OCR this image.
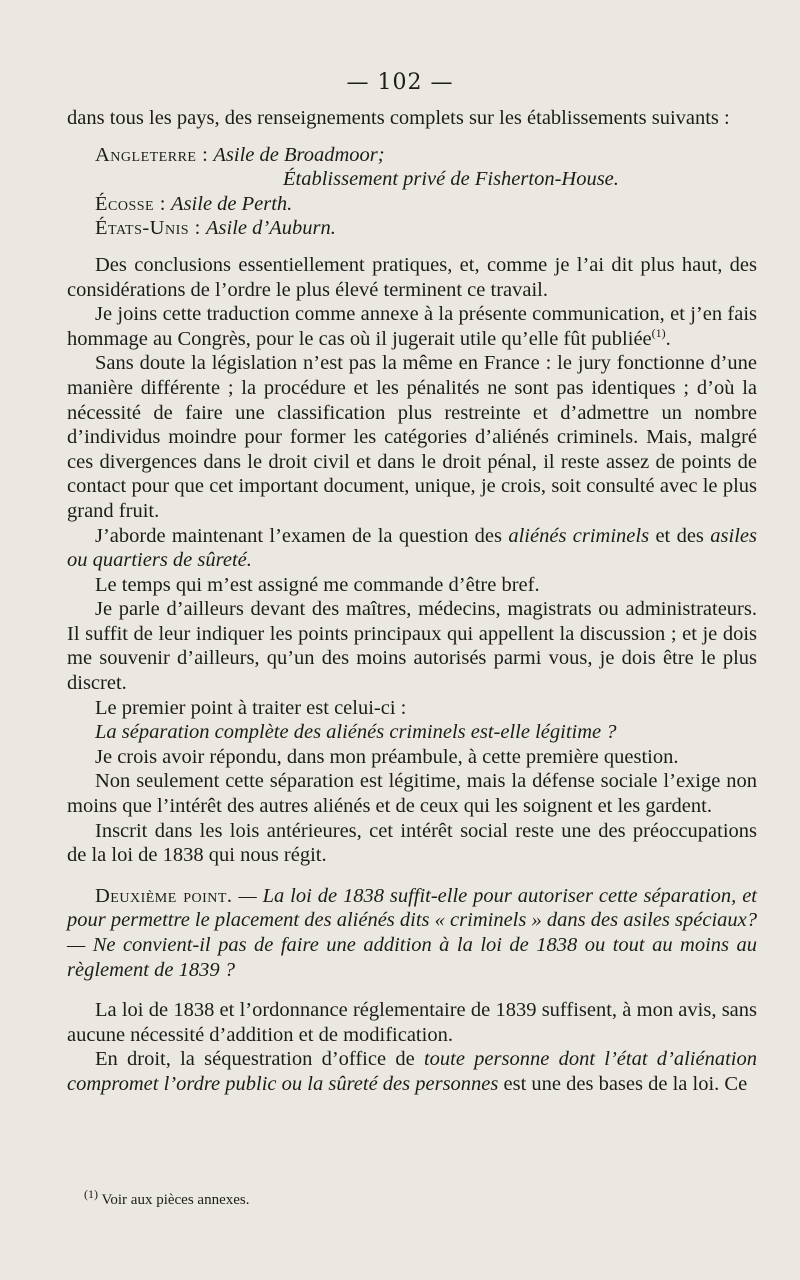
— 102 —

dans tous les pays, des renseignements complets sur les établissements suivants :

Angleterre : Asile de Broadmoor;
Établissement privé de Fisherton-House.
Écosse : Asile de Perth.
États-Unis : Asile d’Auburn.

Des conclusions essentiellement pratiques, et, comme je l’ai dit plus haut, des considérations de l’ordre le plus élevé terminent ce travail.

Je joins cette traduction comme annexe à la présente communication, et j’en fais hommage au Congrès, pour le cas où il jugerait utile qu’elle fût publiée$^{(1)}$.

Sans doute la législation n’est pas la même en France : le jury fonctionne d’une manière différente ; la procédure et les pénalités ne sont pas identiques ; d’où la nécessité de faire une classification plus restreinte et d’admettre un nombre d’individus moindre pour former les catégories d’aliénés criminels. Mais, malgré ces divergences dans le droit civil et dans le droit pénal, il reste assez de points de contact pour que cet important document, unique, je crois, soit consulté avec le plus grand fruit.

J’aborde maintenant l’examen de la question des aliénés criminels et des asiles ou quartiers de sûreté.

Le temps qui m’est assigné me commande d’être bref.

Je parle d’ailleurs devant des maîtres, médecins, magistrats ou administrateurs. Il suffit de leur indiquer les points principaux qui appellent la discussion ; et je dois me souvenir d’ailleurs, qu’un des moins autorisés parmi vous, je dois être le plus discret.

Le premier point à traiter est celui-ci :

La séparation complète des aliénés criminels est-elle légitime ?

Je crois avoir répondu, dans mon préambule, à cette première question.

Non seulement cette séparation est légitime, mais la défense sociale l’exige non moins que l’intérêt des autres aliénés et de ceux qui les soignent et les gardent.

Inscrit dans les lois antérieures, cet intérêt social reste une des préoccupations de la loi de 1838 qui nous régit.

Deuxième point. — La loi de 1838 suffit-elle pour autoriser cette séparation, et pour permettre le placement des aliénés dits « criminels » dans des asiles spéciaux? — Ne convient-il pas de faire une addition à la loi de 1838 ou tout au moins au règlement de 1839 ?

La loi de 1838 et l’ordonnance réglementaire de 1839 suffisent, à mon avis, sans aucune nécessité d’addition et de modification.

En droit, la séquestration d’office de toute personne dont l’état d’aliénation compromet l’ordre public ou la sûreté des personnes est une des bases de la loi. Ce

$^{(1)}$ Voir aux pièces annexes.
